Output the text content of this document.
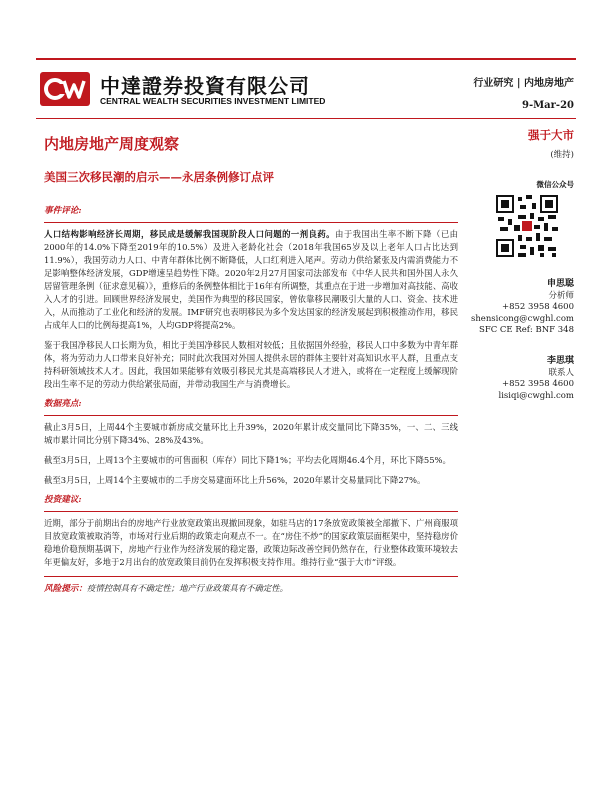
中達證券投資有限公司
CENTRAL WEALTH SECURITIES INVESTMENT LIMITED
行业研究 | 内地房地产
9-Mar-20
内地房地产周度观察
美国三次移民潮的启示——永居条例修订点评
强于大市
(维持)
微信公众号
申思聪
分析师
+852 3958 4600
shensicong@cwghl.com
SFC CE Ref: BNF 348
李思琪
联系人
+852 3958 4600
lisiqi@cwghl.com
事件评论:

人口结构影响经济长周期，移民成是缓解我国现阶段人口问题的一剂良药。由于我国出生率不断下降（已由2000年的14.0%下降至2019年的10.5%）及进入老龄化社会（2018年我国65岁及以上老年人口占比达到11.9%），我国劳动力人口、中青年群体比例不断降低，人口红利进入尾声。劳动力供给紧张及内需消费能力不足影响整体经济发展，GDP增速呈趋势性下降。2020年2月27月国家司法部发布《中华人民共和国外国人永久居留管理条例（征求意见稿）》，重修后的条例整体相比于16年有所调整，其重点在于进一步增加对高技能、高收入人才的引进。回顾世界经济发展史，美国作为典型的移民国家，曾依靠移民潮吸引大量的人口、资金、技术进入，从而推动了工业化和经济的发展。IMF研究也表明移民为多个发达国家的经济发展起到积极推动作用，移民占成年人口的比例每提高1%，人均GDP将提高2%。

鉴于我国净移民人口长期为负，相比于美国净移民人数相对较低；且依据国外经验，移民人口中多数为中青年群体，将为劳动力人口带来良好补充；同时此次我国对外国人提供永居的群体主要针对高知识水平人群，且重点支持科研领域技术人才。因此，我国如果能够有效吸引移民尤其是高端移民人才进入，或将在一定程度上缓解现阶段出生率不足的劳动力供给紧张局面，并带动我国生产与消费增长。

数据亮点:

截止3月5日，上周44个主要城市新房成交量环比上升39%，2020年累计成交量同比下降35%，一、二、三线城市累计同比分别下降34%、28%及43%。

截至3月5日，上周13个主要城市的可售面积（库存）同比下降1%；平均去化周期46.4个月，环比下降55%。

截至3月5日，上周14个主要城市的二手房交易建面环比上升56%，2020年累计交易量同比下降27%。

投资建议:

近期，部分于前期出台的房地产行业放宽政策出现撤回现象，如驻马店的17条放宽政策被全部撤下、广州商服项目放宽政策被取消等，市场对行业后期的政策走向观点不一。在“房住不炒”的国家政策层面框架中，坚持稳房价稳地价稳预期基调下，房地产行业作为经济发展的稳定器，政策边际改善空间仍然存在，行业整体政策环境较去年更偏友好，多地于2月出台的放宽政策目前仍在发挥积极支持作用。维持行业“强于大市”评级。

风险提示：疫情控制具有不确定性；地产行业政策具有不确定性。
